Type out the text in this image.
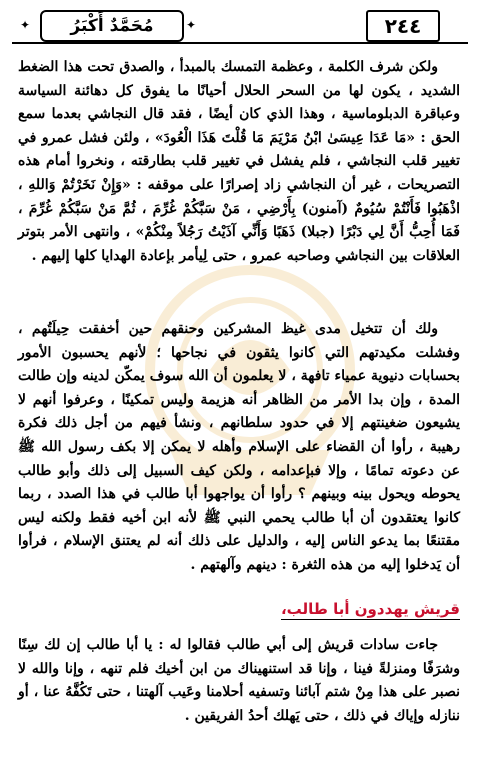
مُحَمَّدٌ أَكْبَرُ
✦	✦	٢٤٤

ولكن شرف الكلمة ، وعظمة التمسك بالمبدأ ، والصدق تحت هذا الضغط الشديد ، يكون لها من السحر الحلال أحيانًا ما يفوق كل دهائنة السياسة وعباقرة الدبلوماسية ، وهذا الذي كان أيضًا ، فقد قال النجاشي بعدما سمع الحق : «مَا عَدَا عِيسَىٰ ابْنُ مَرْيَمَ مَا قُلْتَ هَذَا الْعُودَ» ، ولئن فشل عمرو في تغيير قلب النجاشي ، فلم يفشل في تغيير قلب بطارقته ، ونخروا أمام هذه التصريحات ، غير أن النجاشي زاد إصرارًا على موقفه : «وَإِنْ نَخَرْتُمْ وَاللهِ ، اذْهَبُوا فَأَنْتُمْ سُيُومٌ (آمنون) بِأَرْضِي ، مَنْ سَبَّكُمْ غُرِّمَ ، ثُمَّ مَنْ سَبَّكُمْ غُرِّمَ ، فَمَا أُحِبُّ أَنَّ لِي دَبْرًا (جبلا) ذَهَبًا وَأَنِّي آذَيْتُ رَجُلاً مِنْكُمْ» ، وانتهى الأمر بتوتر العلاقات بين النجاشي وصاحبه عمرو ، حتى لِيأمر بإعادة الهدايا كلها إليهم .

ولك أن تتخيل مدى غيظ المشركين وحنقهم حين أخفقت حِيلَتُهم ، وفشلت مكيدتهم التي كانوا يثقون في نجاحها ؛ لأنهم يحسبون الأمور بحسابات دنيوية عمياء تافهة ، لا يعلمون أن الله سوف يمكّن لدينه وإن طالت المدة ، وإن بدا الأمر من الظاهر أنه هزيمة وليس تمكينًا ، وعرفوا أنهم لا يشيعون ضغينتهم إلا في حدود سلطانهم ، ونشأ فيهم من أجل ذلك فكرة رهيبة ، رأوا أن القضاء على الإسلام وأهله لا يمكن إلا بكف رسول الله ﷺ عن دعوته تمامًا ، وإلا فبإعدامه ، ولكن كيف السبيل إلى ذلك وأبو طالب يحوطه ويحول بينه وبينهم ؟ رأوا أن يواجهوا أبا طالب في هذا الصدد ، ربما كانوا يعتقدون أن أبا طالب يحمي النبي ﷺ لأنه ابن أخيه فقط ولكنه ليس مقتنعًا بما يدعو الناس إليه ، والدليل على ذلك أنه لم يعتنق الإسلام ، فرأوا أن يَدخلوا إليه من هذه الثغرة : دينهم وآلهتهم .

قريش يهددون أبا طالب،

جاءت سادات قريش إلى أبي طالب فقالوا له : يا أبا طالب إن لك سِنًا وشرَفًا ومنزلةً فينا ، وإنا قد استنهيناك من ابن أخيك فلم تنهه ، وإنا والله لا نصبر على هذا مِنْ شتم آبائنا وتسفيه أحلامنا وعَيب آلهتنا ، حتى تَكُفَّهُ عنا ، أو ننازله وإياك في ذلك ، حتى يَهلك أحدُ الفريقين .
